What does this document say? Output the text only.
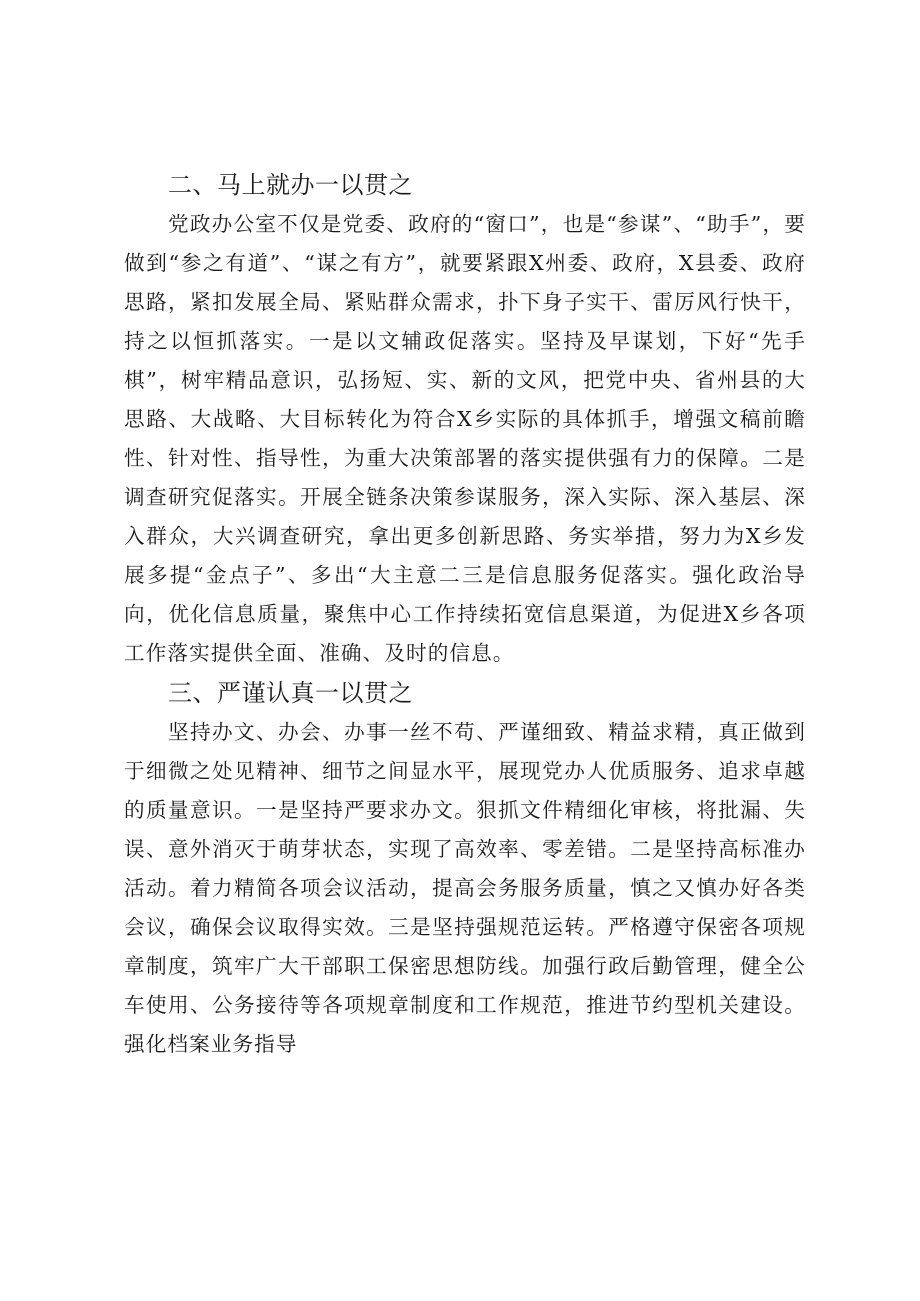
二、马上就办一以贯之

党政办公室不仅是党委、政府的“窗口”，也是“参谋”、“助手”，要做到“参之有道”、“谋之有方”，就要紧跟X州委、政府，X县委、政府思路，紧扣发展全局、紧贴群众需求，扑下身子实干、雷厉风行快干，持之以恒抓落实。一是以文辅政促落实。坚持及早谋划，下好“先手棋”，树牢精品意识，弘扬短、实、新的文风，把党中央、省州县的大思路、大战略、大目标转化为符合X乡实际的具体抓手，增强文稿前瞻性、针对性、指导性，为重大决策部署的落实提供强有力的保障。二是调查研究促落实。开展全链条决策参谋服务，深入实际、深入基层、深入群众，大兴调查研究，拿出更多创新思路、务实举措，努力为X乡发展多提“金点子”、多出“大主意二三是信息服务促落实。强化政治导向，优化信息质量，聚焦中心工作持续拓宽信息渠道，为促进X乡各项工作落实提供全面、准确、及时的信息。

三、严谨认真一以贯之

坚持办文、办会、办事一丝不苟、严谨细致、精益求精，真正做到于细微之处见精神、细节之间显水平，展现党办人优质服务、追求卓越的质量意识。一是坚持严要求办文。狠抓文件精细化审核，将批漏、失误、意外消灭于萌芽状态，实现了高效率、零差错。二是坚持高标准办活动。着力精简各项会议活动，提高会务服务质量，慎之又慎办好各类会议，确保会议取得实效。三是坚持强规范运转。严格遵守保密各项规章制度，筑牢广大干部职工保密思想防线。加强行政后勤管理，健全公车使用、公务接待等各项规章制度和工作规范，推进节约型机关建设。强化档案业务指导
